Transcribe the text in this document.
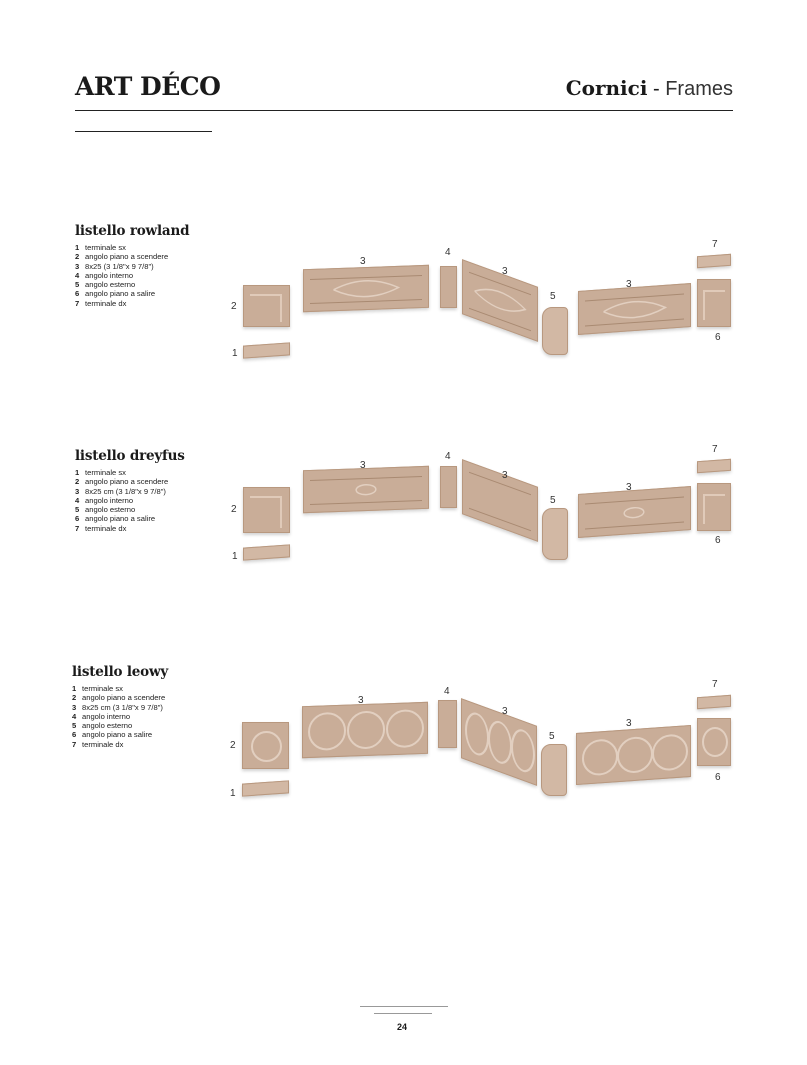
ART DÉCO	Cornici - Frames
listello rowland
1 terminale sx
2 angolo piano a scendere
3 8x25 (3 1/8"x 9 7/8")
4 angolo interno
5 angolo esterno
6 angolo piano a salire
7 terminale dx
1
2
3
4
3
5
3
7
6
listello dreyfus
1 terminale sx
2 angolo piano a scendere
3 8x25 cm (3 1/8"x 9 7/8")
4 angolo interno
5 angolo esterno
6 angolo piano a salire
7 terminale dx
1
2
3
4
3
5
3
7
6
listello leowy
1 terminale sx
2 angolo piano a scendere
3 8x25 cm (3 1/8"x 9 7/8")
4 angolo interno
5 angolo esterno
6 angolo piano a salire
7 terminale dx
1
2
3
4
3
5
3
7
6
24
